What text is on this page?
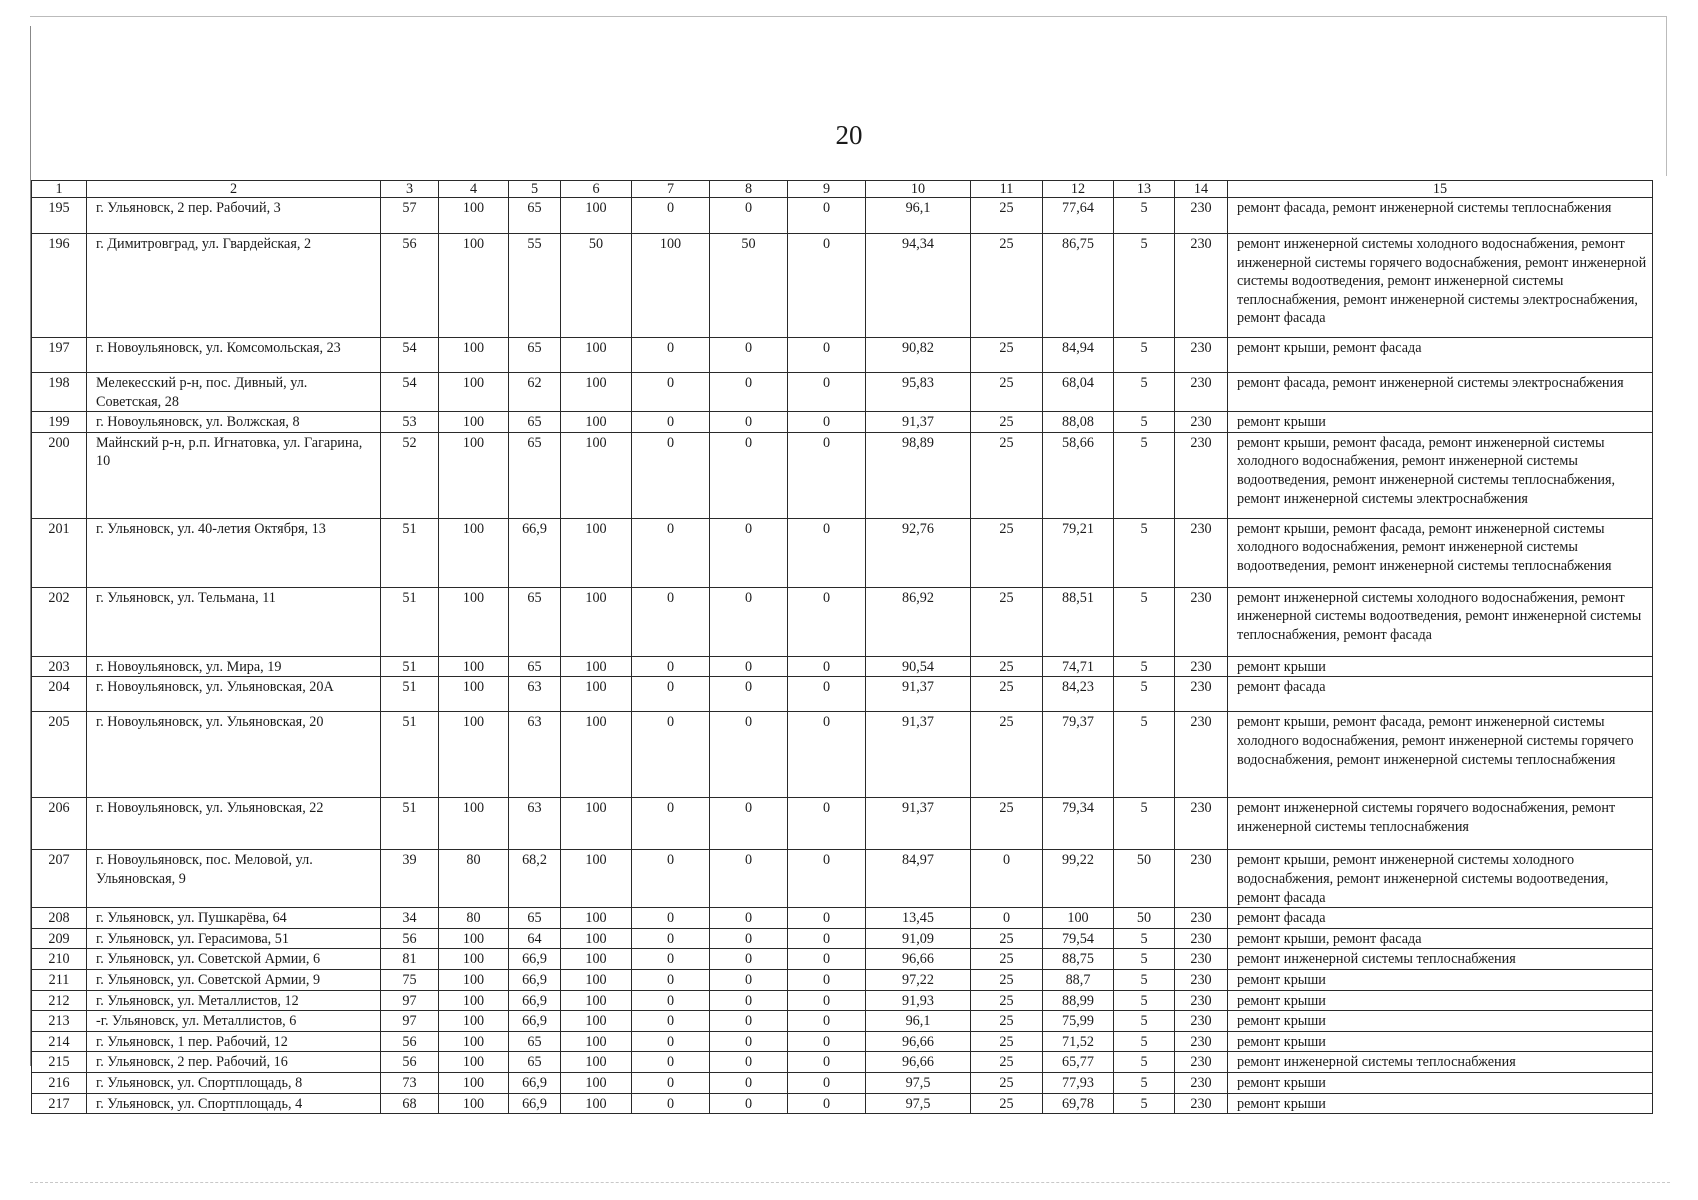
20
1	2	3	4	5	6	7	8	9	10	11	12	13	14	15
195	г. Ульяновск, 2 пер. Рабочий, 3	57	100	65	100	0	0	0	96,1	25	77,64	5	230	ремонт фасада, ремонт инженерной системы теплоснабжения
196	г. Димитровград, ул. Гвардейская, 2	56	100	55	50	100	50	0	94,34	25	86,75	5	230	ремонт инженерной системы холодного водоснабжения, ремонт инженерной системы горячего водоснабжения, ремонт инженерной системы водоотведения, ремонт инженерной системы теплоснабжения, ремонт инженерной системы электроснабжения, ремонт фасада
197	г. Новоульяновск, ул. Комсомольская, 23	54	100	65	100	0	0	0	90,82	25	84,94	5	230	ремонт крыши, ремонт фасада
198	Мелекесский р-н, пос. Дивный, ул. Советская, 28	54	100	62	100	0	0	0	95,83	25	68,04	5	230	ремонт фасада, ремонт инженерной системы электроснабжения
199	г. Новоульяновск, ул. Волжская, 8	53	100	65	100	0	0	0	91,37	25	88,08	5	230	ремонт крыши
200	Майнский р-н, р.п. Игнатовка, ул. Гагарина, 10	52	100	65	100	0	0	0	98,89	25	58,66	5	230	ремонт крыши, ремонт фасада, ремонт инженерной системы холодного водоснабжения, ремонт инженерной системы водоотведения, ремонт инженерной системы теплоснабжения, ремонт инженерной системы электроснабжения
201	г. Ульяновск, ул. 40-летия Октября, 13	51	100	66,9	100	0	0	0	92,76	25	79,21	5	230	ремонт крыши, ремонт фасада, ремонт инженерной системы холодного водоснабжения, ремонт инженерной системы водоотведения, ремонт инженерной системы теплоснабжения
202	г. Ульяновск, ул. Тельмана, 11	51	100	65	100	0	0	0	86,92	25	88,51	5	230	ремонт инженерной системы холодного водоснабжения, ремонт инженерной системы водоотведения, ремонт инженерной системы теплоснабжения, ремонт фасада
203	г. Новоульяновск, ул. Мира, 19	51	100	65	100	0	0	0	90,54	25	74,71	5	230	ремонт крыши
204	г. Новоульяновск, ул. Ульяновская, 20А	51	100	63	100	0	0	0	91,37	25	84,23	5	230	ремонт фасада
205	г. Новоульяновск, ул. Ульяновская, 20	51	100	63	100	0	0	0	91,37	25	79,37	5	230	ремонт крыши, ремонт фасада, ремонт инженерной системы холодного водоснабжения, ремонт инженерной системы горячего водоснабжения, ремонт инженерной системы теплоснабжения
206	г. Новоульяновск, ул. Ульяновская, 22	51	100	63	100	0	0	0	91,37	25	79,34	5	230	ремонт инженерной системы горячего водоснабжения, ремонт инженерной системы теплоснабжения
207	г. Новоульяновск, пос. Меловой, ул. Ульяновская, 9	39	80	68,2	100	0	0	0	84,97	0	99,22	50	230	ремонт крыши, ремонт инженерной системы холодного водоснабжения, ремонт инженерной системы водоотведения, ремонт фасада
208	г. Ульяновск, ул. Пушкарёва, 64	34	80	65	100	0	0	0	13,45	0	100	50	230	ремонт фасада
209	г. Ульяновск, ул. Герасимова, 51	56	100	64	100	0	0	0	91,09	25	79,54	5	230	ремонт крыши, ремонт фасада
210	г. Ульяновск, ул. Советской Армии, 6	81	100	66,9	100	0	0	0	96,66	25	88,75	5	230	ремонт инженерной системы теплоснабжения
211	г. Ульяновск, ул. Советской Армии, 9	75	100	66,9	100	0	0	0	97,22	25	88,7	5	230	ремонт крыши
212	г. Ульяновск, ул. Металлистов, 12	97	100	66,9	100	0	0	0	91,93	25	88,99	5	230	ремонт крыши
213	-г. Ульяновск, ул. Металлистов, 6	97	100	66,9	100	0	0	0	96,1	25	75,99	5	230	ремонт крыши
214	г. Ульяновск, 1 пер. Рабочий, 12	56	100	65	100	0	0	0	96,66	25	71,52	5	230	ремонт крыши
215	г. Ульяновск, 2 пер. Рабочий, 16	56	100	65	100	0	0	0	96,66	25	65,77	5	230	ремонт инженерной системы теплоснабжения
216	г. Ульяновск, ул. Спортплощадь, 8	73	100	66,9	100	0	0	0	97,5	25	77,93	5	230	ремонт крыши
217	г. Ульяновск, ул. Спортплощадь, 4	68	100	66,9	100	0	0	0	97,5	25	69,78	5	230	ремонт крыши
